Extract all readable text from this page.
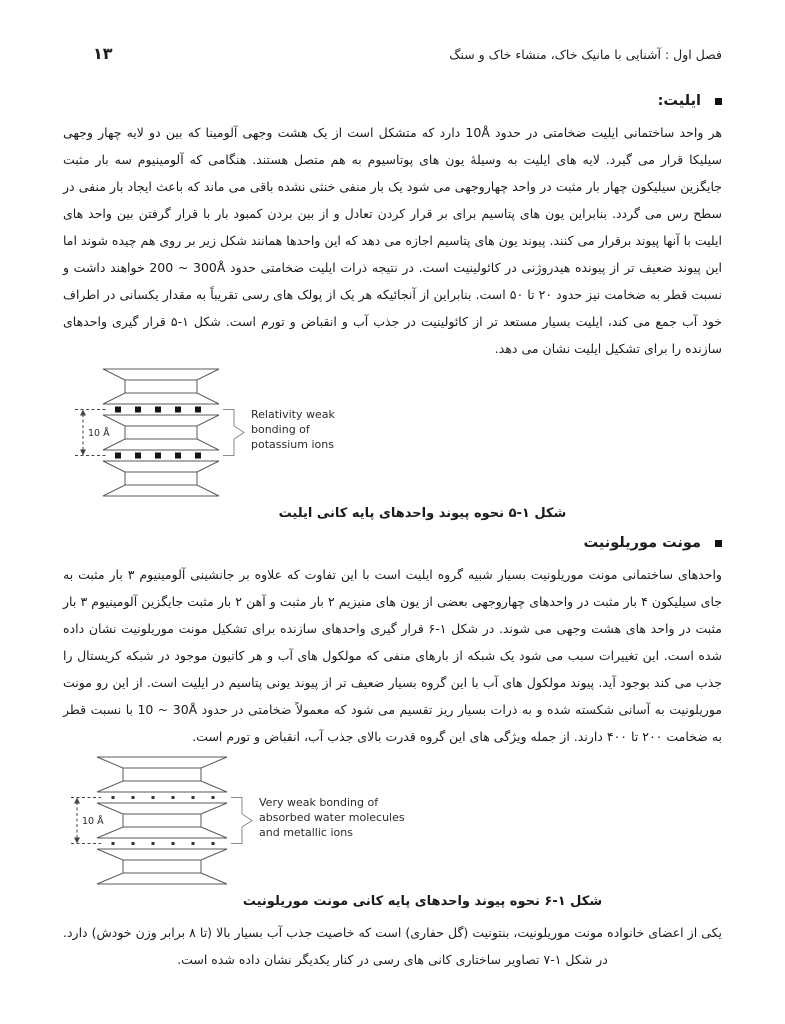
فصل اول : آشنایی با مانیک خاک، منشاء خاک و سنگ
۱۳
ایلیت:

هر واحد ساختمانی ایلیت ضخامتی در حدود 10Å دارد که متشکل است از یک هشت وجهی آلومینا که بین دو لایه چهار وجهی سیلیکا قرار می گیرد. لایه های ایلیت به وسیلهٔ یون های پوتاسیوم به هم متصل هستند. هنگامی که آلومینیوم سه بار مثبت جایگزین سیلیکون چهار بار مثبت در واحد چهاروجهی می شود یک بار منفی خنثی نشده باقی می ماند که باعث ایجاد بار منفی در سطح رس می گردد. بنابراین یون های پتاسیم برای بر قرار کردن تعادل و از بین بردن کمبود بار با قرار گرفتن بین واحد های ایلیت با آنها پیوند برقرار می کنند. پیوند یون های پتاسیم اجازه می دهد که این واحدها همانند شکل زیر بر روی هم چیده شوند اما این پیوند ضعیف تر از پیونده هیدروژنی در کائولینیت است. در نتیجه ذرات ایلیت ضخامتی حدود ⁦200 ~ 300Å⁩ خواهند داشت و نسبت قطر به ضخامت نیز حدود ۲۰ تا ۵۰ است. بنابراین از آنجائیکه هر یک از پولک های رسی تقریباً به مقدار یکسانی در اطراف خود آب جمع می کند، ایلیت بسیار مستعد تر از کائولینیت در جذب آب و انقباض و تورم است. شکل ۱-۵ قرار گیری واحدهای سازنده را برای تشکیل ایلیت نشان می دهد.

10 Å
Relativity weak
bonding of
potassium ions
شکل ۱-۵ نحوه پیوند واحدهای پایه کانی ایلیت
مونت موریلونیت

واحدهای ساختمانی مونت موریلونیت بسیار شبیه گروه ایلیت است با این تفاوت که علاوه بر جانشینی آلومینیوم ۳ بار مثبت به جای سیلیکون ۴ بار مثبت در واحدهای چهاروجهی بعضی از یون های منیزیم ۲ بار مثبت و آهن ۲ بار مثبت جایگزین آلومینیوم ۳ بار مثبت در واحد های هشت وجهی می شوند. در شکل ۱-۶ قرار گیری واحدهای سازنده برای تشکیل مونت موریلونیت نشان داده شده است. این تغییرات سبب می شود یک شبکه از بارهای منفی که مولکول های آب و هر کاتیون موجود در شبکه کریستال را جذب می کند بوجود آید. پیوند مولکول های آب با این گروه بسیار ضعیف تر از پیوند یونی پتاسیم در ایلیت است. از این رو مونت موریلونیت به آسانی شکسته شده و به ذرات بسیار ریز تقسیم می شود که معمولاً ضخامتی در حدود ⁦10 ~ 30Å⁩ با نسبت قطر به ضخامت ۲۰۰ تا ۴۰۰ دارند. از جمله ویژگی های این گروه قدرت بالای جذب آب، انقباض و تورم است.

10 Å
Very weak bonding of
absorbed water molecules
and metallic ions
شکل ۱-۶ نحوه پیوند واحدهای پایه کانی مونت موریلونیت

یکی از اعضای خانواده مونت موریلونیت، بنتونیت (گل حفاری) است که خاصیت جذب آب بسیار بالا (تا ۸ برابر وزن خودش) دارد. در شکل ۱-۷ تصاویر ساختاری کانی های رسی در کنار یکدیگر نشان داده شده است.
